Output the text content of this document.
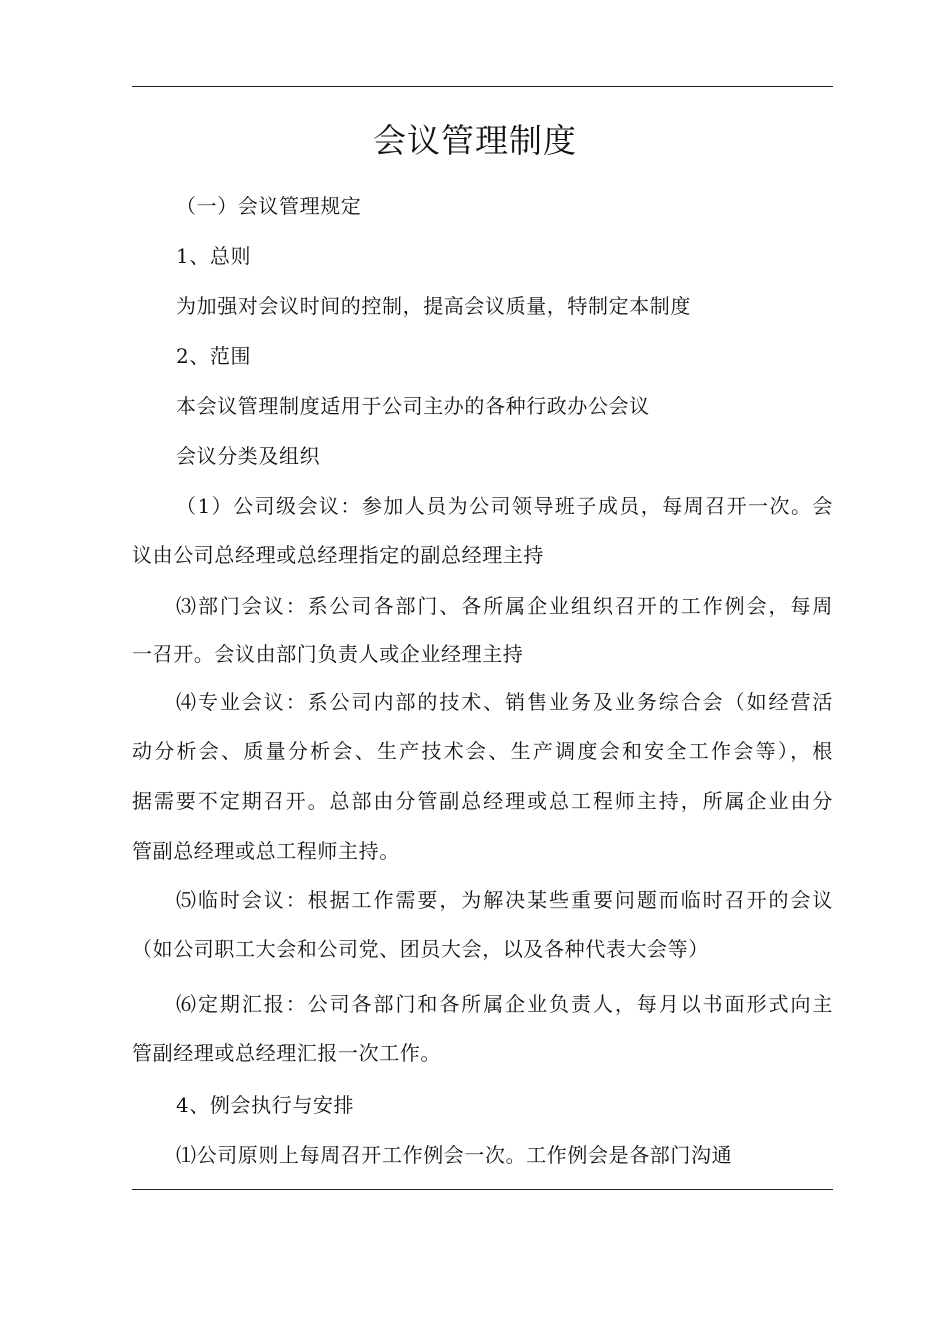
会议管理制度
（一）会议管理规定
1、总则
为加强对会议时间的控制，提高会议质量，特制定本制度
2、范围
本会议管理制度适用于公司主办的各种行政办公会议
会议分类及组织
（1）公司级会议：参加人员为公司领导班子成员，每周召开一次。会
议由公司总经理或总经理指定的副总经理主持
⑶部门会议：系公司各部门、各所属企业组织召开的工作例会，每周
一召开。会议由部门负责人或企业经理主持
⑷专业会议：系公司内部的技术、销售业务及业务综合会（如经营活
动分析会、质量分析会、生产技术会、生产调度会和安全工作会等），根
据需要不定期召开。总部由分管副总经理或总工程师主持，所属企业由分
管副总经理或总工程师主持。
⑸临时会议：根据工作需要，为解决某些重要问题而临时召开的会议
（如公司职工大会和公司党、团员大会，以及各种代表大会等）
⑹定期汇报：公司各部门和各所属企业负责人，每月以书面形式向主
管副经理或总经理汇报一次工作。
4、例会执行与安排
⑴公司原则上每周召开工作例会一次。工作例会是各部门沟通
